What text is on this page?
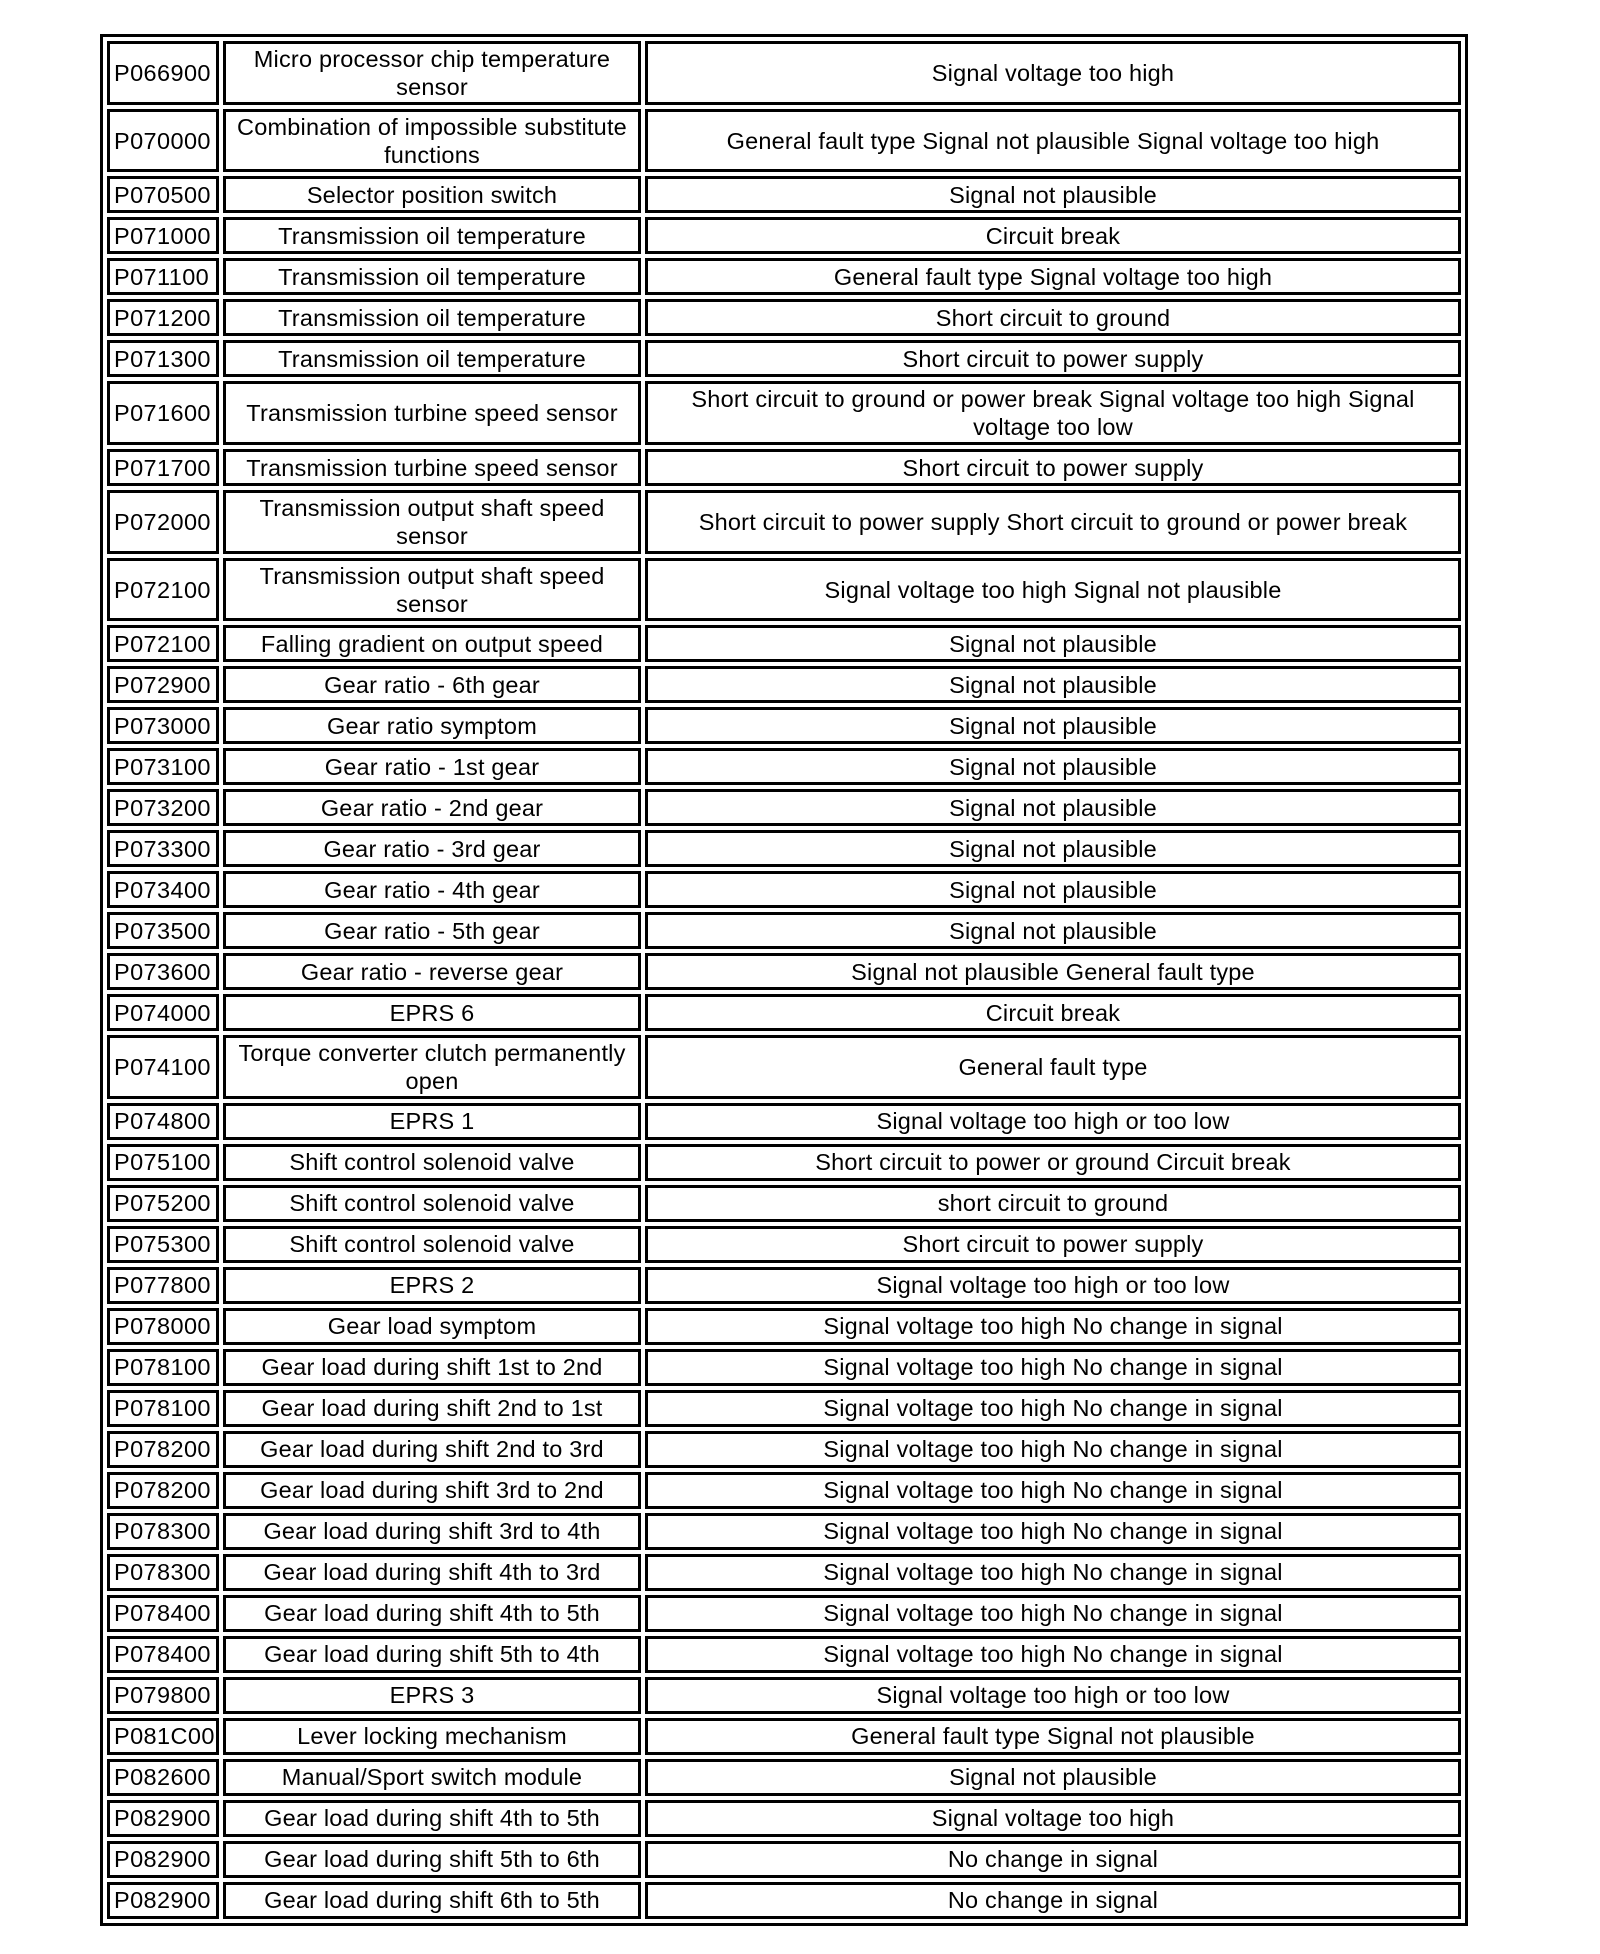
P066900	Micro processor chip temperature sensor	Signal voltage too high
P070000	Combination of impossible substitute functions	General fault type Signal not plausible Signal voltage too high
P070500	Selector position switch	Signal not plausible
P071000	Transmission oil temperature	Circuit break
P071100	Transmission oil temperature	General fault type Signal voltage too high
P071200	Transmission oil temperature	Short circuit to ground
P071300	Transmission oil temperature	Short circuit to power supply
P071600	Transmission turbine speed sensor	Short circuit to ground or power break Signal voltage too high Signal voltage too low
P071700	Transmission turbine speed sensor	Short circuit to power supply
P072000	Transmission output shaft speed sensor	Short circuit to power supply Short circuit to ground or power break
P072100	Transmission output shaft speed sensor	Signal voltage too high Signal not plausible
P072100	Falling gradient on output speed	Signal not plausible
P072900	Gear ratio - 6th gear	Signal not plausible
P073000	Gear ratio symptom	Signal not plausible
P073100	Gear ratio - 1st gear	Signal not plausible
P073200	Gear ratio - 2nd gear	Signal not plausible
P073300	Gear ratio - 3rd gear	Signal not plausible
P073400	Gear ratio - 4th gear	Signal not plausible
P073500	Gear ratio - 5th gear	Signal not plausible
P073600	Gear ratio - reverse gear	Signal not plausible General fault type
P074000	EPRS 6	Circuit break
P074100	Torque converter clutch permanently open	General fault type
P074800	EPRS 1	Signal voltage too high or too low
P075100	Shift control solenoid valve	Short circuit to power or ground Circuit break
P075200	Shift control solenoid valve	short circuit to ground
P075300	Shift control solenoid valve	Short circuit to power supply
P077800	EPRS 2	Signal voltage too high or too low
P078000	Gear load symptom	Signal voltage too high No change in signal
P078100	Gear load during shift 1st to 2nd	Signal voltage too high No change in signal
P078100	Gear load during shift 2nd to 1st	Signal voltage too high No change in signal
P078200	Gear load during shift 2nd to 3rd	Signal voltage too high No change in signal
P078200	Gear load during shift 3rd to 2nd	Signal voltage too high No change in signal
P078300	Gear load during shift 3rd to 4th	Signal voltage too high No change in signal
P078300	Gear load during shift 4th to 3rd	Signal voltage too high No change in signal
P078400	Gear load during shift 4th to 5th	Signal voltage too high No change in signal
P078400	Gear load during shift 5th to 4th	Signal voltage too high No change in signal
P079800	EPRS 3	Signal voltage too high or too low
P081C00	Lever locking mechanism	General fault type Signal not plausible
P082600	Manual/Sport switch module	Signal not plausible
P082900	Gear load during shift 4th to 5th	Signal voltage too high
P082900	Gear load during shift 5th to 6th	No change in signal
P082900	Gear load during shift 6th to 5th	No change in signal
